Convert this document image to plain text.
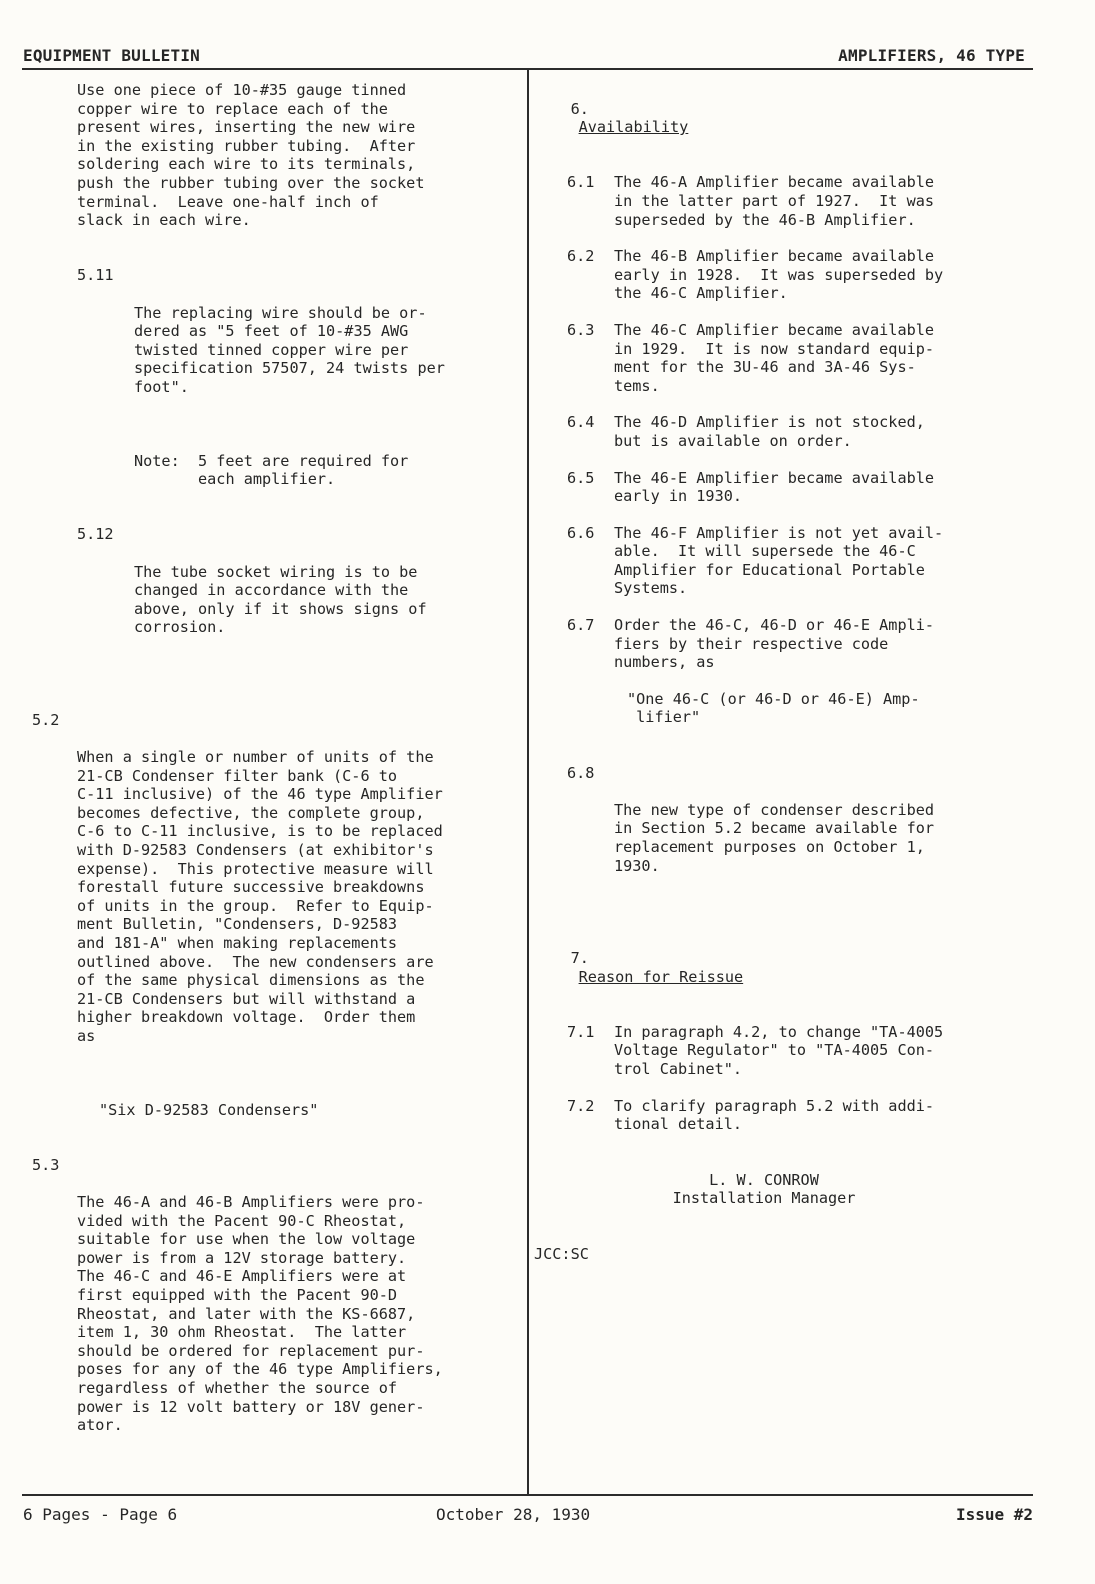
EQUIPMENT BULLETIN	AMPLIFIERS, 46 TYPE

Use one piece of 10-#35 gauge tinned
copper wire to replace each of the
present wires, inserting the new wire
in the existing rubber tubing.  After
soldering each wire to its terminals,
push the rubber tubing over the socket
terminal.  Leave one-half inch of
slack in each wire.

5.11

The replacing wire should be or-
dered as "5 feet of 10-#35 AWG
twisted tinned copper wire per
specification 57507, 24 twists per
foot".

Note:  5 feet are required for
each amplifier.

5.12

The tube socket wiring is to be
changed in accordance with the
above, only if it shows signs of
corrosion.

5.2

When a single or number of units of the
21-CB Condenser filter bank (C-6 to
C-11 inclusive) of the 46 type Amplifier
becomes defective, the complete group,
C-6 to C-11 inclusive, is to be replaced
with D-92583 Condensers (at exhibitor's
expense).  This protective measure will
forestall future successive breakdowns
of units in the group.  Refer to Equip-
ment Bulletin, "Condensers, D-92583
and 181-A" when making replacements
outlined above.  The new condensers are
of the same physical dimensions as the
21-CB Condensers but will withstand a
higher breakdown voltage.  Order them
as

"Six D-92583 Condensers"

5.3

The 46-A and 46-B Amplifiers were pro-
vided with the Pacent 90-C Rheostat,
suitable for use when the low voltage
power is from a 12V storage battery.
The 46-C and 46-E Amplifiers were at
first equipped with the Pacent 90-D
Rheostat, and later with the KS-6687,
item 1, 30 ohm Rheostat.  The latter
should be ordered for replacement pur-
poses for any of the 46 type Amplifiers,
regardless of whether the source of
power is 12 volt battery or 18V gener-
ator.

6.
Availability

6.1	The 46-A Amplifier became available
in the latter part of 1927.  It was
superseded by the 46-B Amplifier.

6.2	The 46-B Amplifier became available
early in 1928.  It was superseded by
the 46-C Amplifier.

6.3	The 46-C Amplifier became available
in 1929.  It is now standard equip-
ment for the 3U-46 and 3A-46 Sys-
tems.

6.4	The 46-D Amplifier is not stocked,
but is available on order.

6.5	The 46-E Amplifier became available
early in 1930.

6.6	The 46-F Amplifier is not yet avail-
able.  It will supersede the 46-C
Amplifier for Educational Portable
Systems.

6.7	Order the 46-C, 46-D or 46-E Ampli-
fiers by their respective code
numbers, as

"One 46-C (or 46-D or 46-E) Amp-
lifier"

6.8

The new type of condenser described
in Section 5.2 became available for
replacement purposes on October 1,
1930.

7.
Reason for Reissue

7.1	In paragraph 4.2, to change "TA-4005
Voltage Regulator" to "TA-4005 Con-
trol Cabinet".

7.2	To clarify paragraph 5.2 with addi-
tional detail.

L. W. CONROW
Installation Manager
JCC:SC
6 Pages - Page 6	October 28, 1930	Issue #2
